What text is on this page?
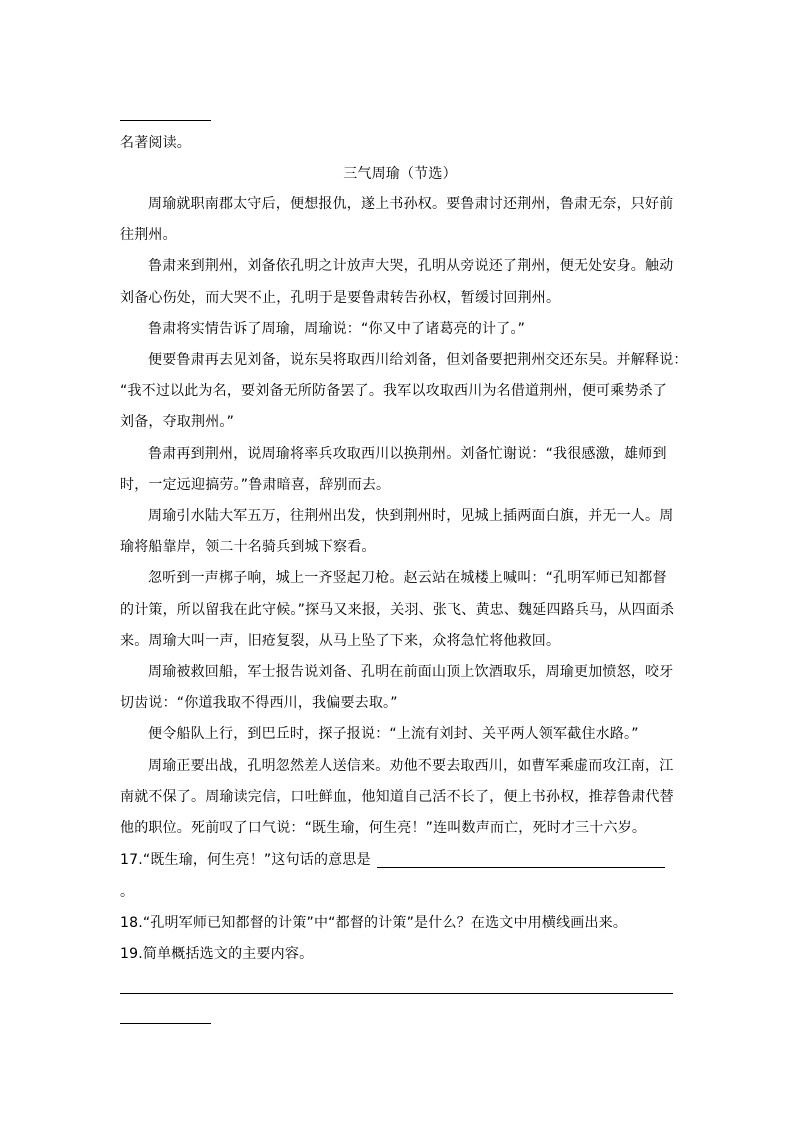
名著阅读。
三气周瑜（节选）
周瑜就职南郡太守后，便想报仇，遂上书孙权。要鲁肃讨还荆州，鲁肃无奈，只好前
往荆州。
鲁肃来到荆州，刘备依孔明之计放声大哭，孔明从旁说还了荆州，便无处安身。触动
刘备心伤处，而大哭不止，孔明于是要鲁肃转告孙权，暂缓讨回荆州。
鲁肃将实情告诉了周瑜，周瑜说：“你又中了诸葛亮的计了。”
便要鲁肃再去见刘备，说东吴将取西川给刘备，但刘备要把荆州交还东吴。并解释说：
“我不过以此为名，要刘备无所防备罢了。我军以攻取西川为名借道荆州，便可乘势杀了
刘备，夺取荆州。”
鲁肃再到荆州，说周瑜将率兵攻取西川以换荆州。刘备忙谢说：“我很感激，雄师到
时，一定远迎搞劳。”鲁肃暗喜，辞别而去。
周瑜引水陆大军五万，往荆州出发，快到荆州时，见城上插两面白旗，并无一人。周
瑜将船靠岸，领二十名骑兵到城下察看。
忽听到一声梆子响，城上一齐竖起刀枪。赵云站在城楼上喊叫：“孔明军师已知都督
的计策，所以留我在此守候。”探马又来报，关羽、张飞、黄忠、魏延四路兵马，从四面杀
来。周瑜大叫一声，旧疮复裂，从马上坠了下来，众将急忙将他救回。
周瑜被救回船，军士报告说刘备、孔明在前面山顶上饮酒取乐，周瑜更加愤怒，咬牙
切齿说：“你道我取不得西川，我偏要去取。”
便令船队上行，到巴丘时，探子报说：“上流有刘封、关平两人领军截住水路。”
周瑜正要出战，孔明忽然差人送信来。劝他不要去取西川，如曹军乘虚而攻江南，江
南就不保了。周瑜读完信，口吐鲜血，他知道自己活不长了，便上书孙权，推荐鲁肃代替
他的职位。死前叹了口气说：“既生瑜，何生亮！”连叫数声而亡，死时才三十六岁。
17.“既生瑜，何生亮！”这句话的意思是
。
18.“孔明军师已知都督的计策”中“都督的计策”是什么？在选文中用横线画出来。
19.简单概括选文的主要内容。
